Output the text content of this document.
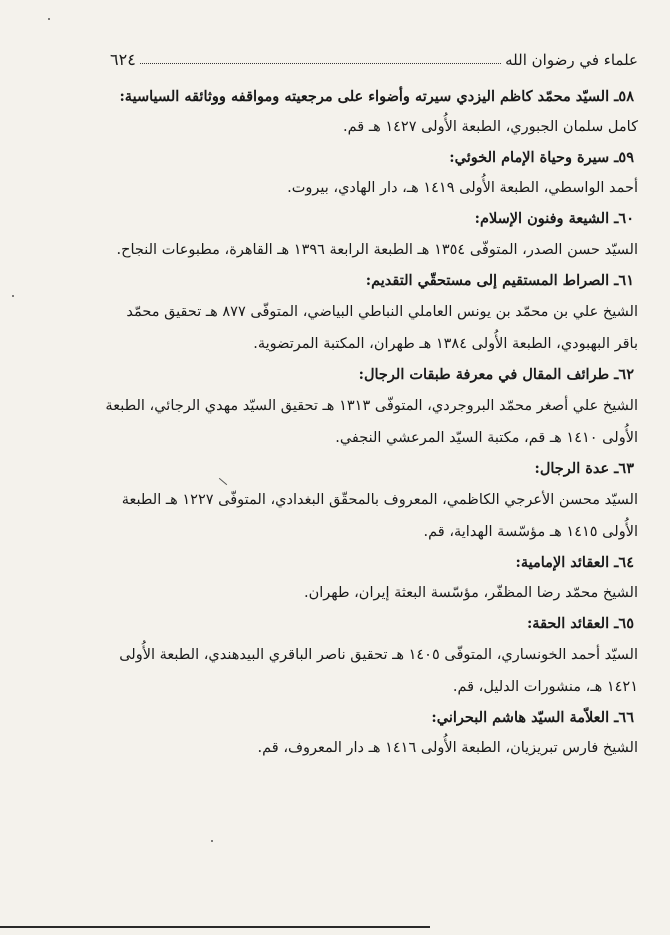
علماء في رضوان الله
٦٢٤
٥٨ـ السيّد محمّد كاظم اليزدي سيرته وأضواء على مرجعيته ومواقفه ووثائقه السياسية:
كامل سلمان الجبوري، الطبعة الأُولى ١٤٢٧ هـ قم.
٥٩ـ سيرة وحياة الإمام الخوئي:
أحمد الواسطي، الطبعة الأُولى ١٤١٩ هـ، دار الهادي، بيروت.
٦٠ـ الشيعة وفنون الإسلام:
السيّد حسن الصدر، المتوفّى ١٣٥٤ هـ الطبعة الرابعة ١٣٩٦ هـ القاهرة، مطبوعات النجاح.
٦١ـ الصراط المستقيم إلى مستحقّي التقديم:
الشيخ علي بن محمّد بن يونس العاملي النباطي البياضي، المتوفّى ٨٧٧ هـ تحقيق محمّد باقر البهبودي، الطبعة الأُولى ١٣٨٤ هـ طهران، المكتبة المرتضوية.
٦٢ـ طرائف المقال في معرفة طبقات الرجال:
الشيخ علي أصغر محمّد البروجردي، المتوفّى ١٣١٣ هـ تحقيق السيّد مهدي الرجائي، الطبعة الأُولى ١٤١٠ هـ قم، مكتبة السيّد المرعشي النجفي.
٦٣ـ عدة الرجال:
السيّد محسن الأعرجي الكاظمي، المعروف بالمحقّق البغدادي، المتوفّى ١٢٢٧ هـ الطبعة الأُولى ١٤١٥ هـ مؤسّسة الهداية، قم.
٦٤ـ العقائد الإمامية:
الشيخ محمّد رضا المظفّر، مؤسّسة البعثة إيران، طهران.
٦٥ـ العقائد الحقة:
السيّد أحمد الخونساري، المتوفّى ١٤٠٥ هـ تحقيق ناصر الباقري البيدهندي، الطبعة الأُولى ١٤٢١ هـ، منشورات الدليل، قم.
٦٦ـ العلاّمة السيّد هاشم البحراني:
الشيخ فارس تبريزيان، الطبعة الأُولى ١٤١٦ هـ دار المعروف، قم.
